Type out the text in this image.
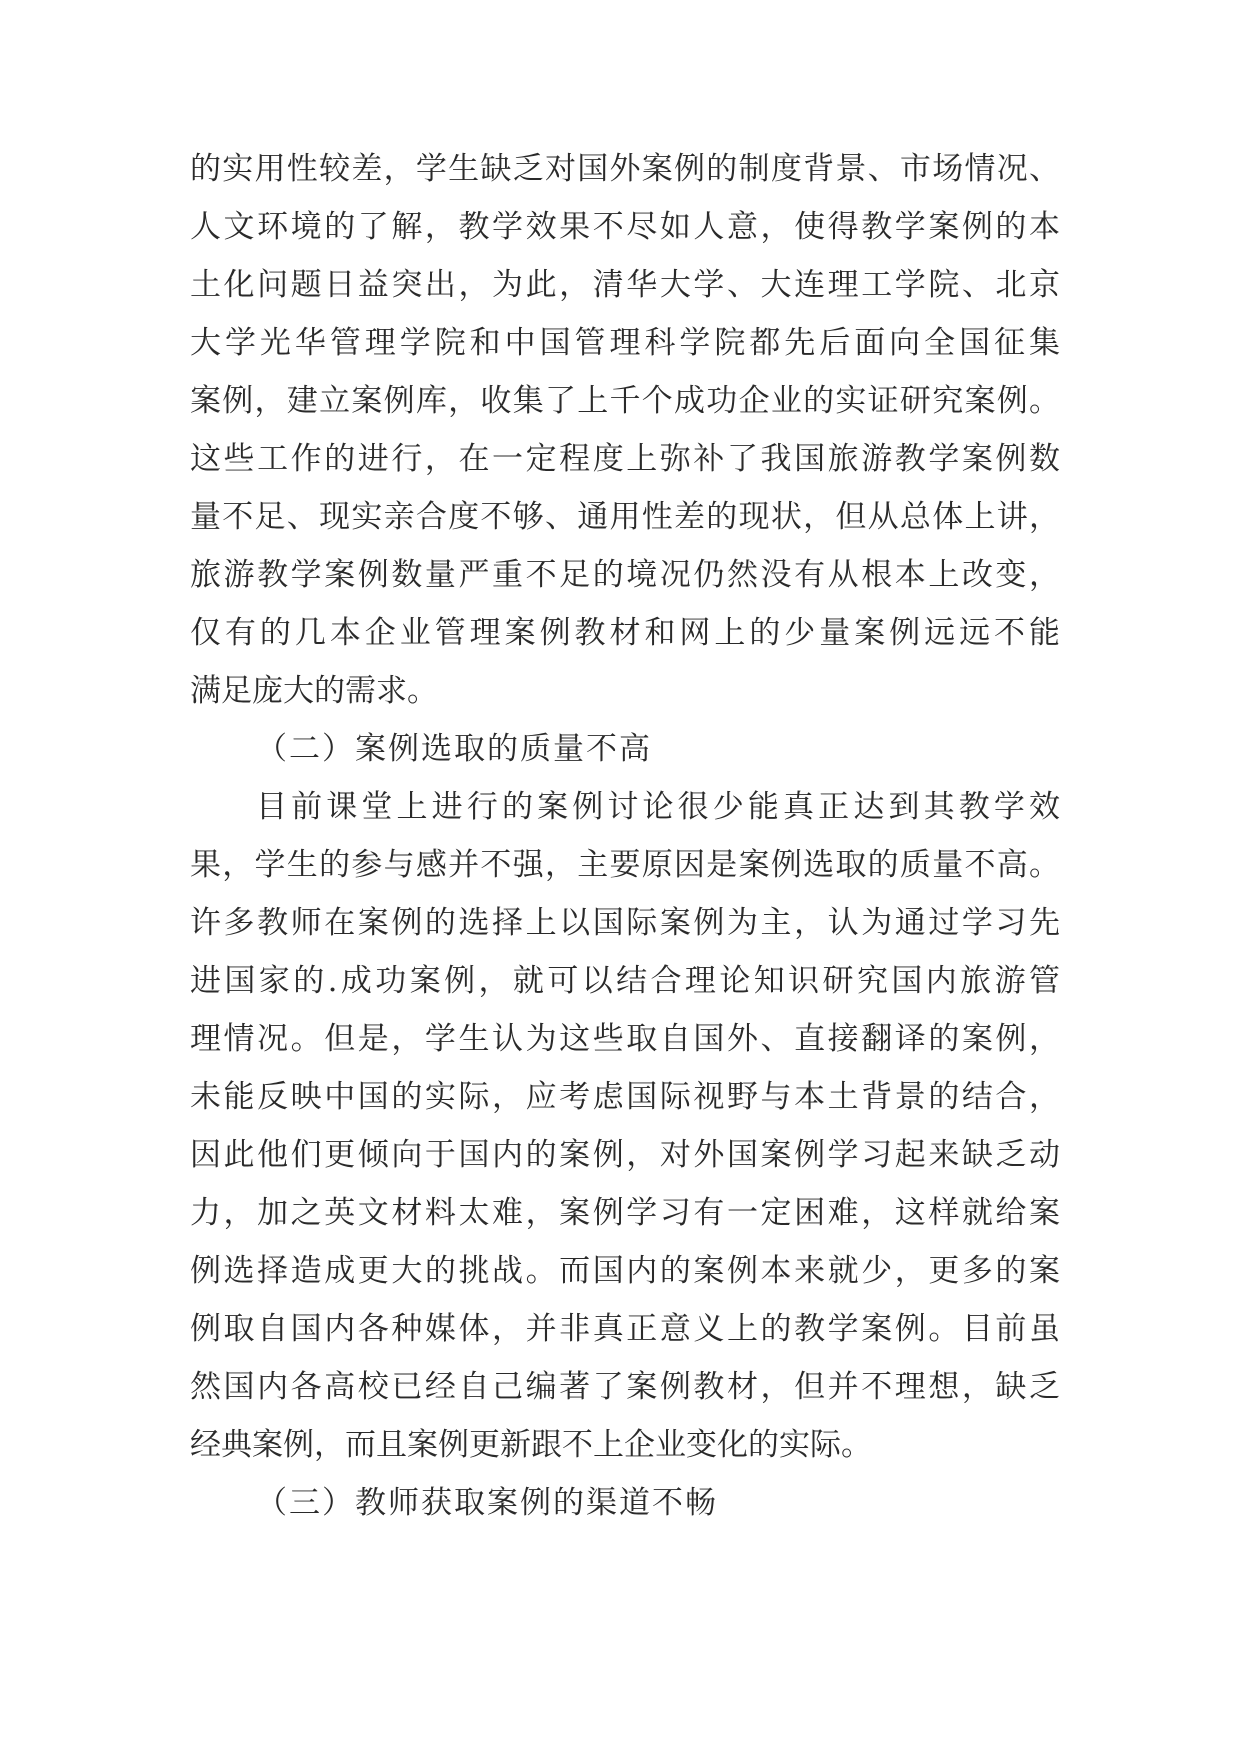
的实用性较差，学生缺乏对国外案例的制度背景、市场情况、
人文环境的了解，教学效果不尽如人意，使得教学案例的本
土化问题日益突出，为此，清华大学、大连理工学院、北京
大学光华管理学院和中国管理科学院都先后面向全国征集
案例，建立案例库，收集了上千个成功企业的实证研究案例。
这些工作的进行，在一定程度上弥补了我国旅游教学案例数
量不足、现实亲合度不够、通用性差的现状，但从总体上讲，
旅游教学案例数量严重不足的境况仍然没有从根本上改变，
仅有的几本企业管理案例教材和网上的少量案例远远不能
满足庞大的需求。
（二）案例选取的质量不高
目前课堂上进行的案例讨论很少能真正达到其教学效
果，学生的参与感并不强，主要原因是案例选取的质量不高。
许多教师在案例的选择上以国际案例为主，认为通过学习先
进国家的.成功案例，就可以结合理论知识研究国内旅游管
理情况。但是，学生认为这些取自国外、直接翻译的案例，
未能反映中国的实际，应考虑国际视野与本土背景的结合，
因此他们更倾向于国内的案例，对外国案例学习起来缺乏动
力，加之英文材料太难，案例学习有一定困难，这样就给案
例选择造成更大的挑战。而国内的案例本来就少，更多的案
例取自国内各种媒体，并非真正意义上的教学案例。目前虽
然国内各高校已经自己编著了案例教材，但并不理想，缺乏
经典案例，而且案例更新跟不上企业变化的实际。
（三）教师获取案例的渠道不畅
